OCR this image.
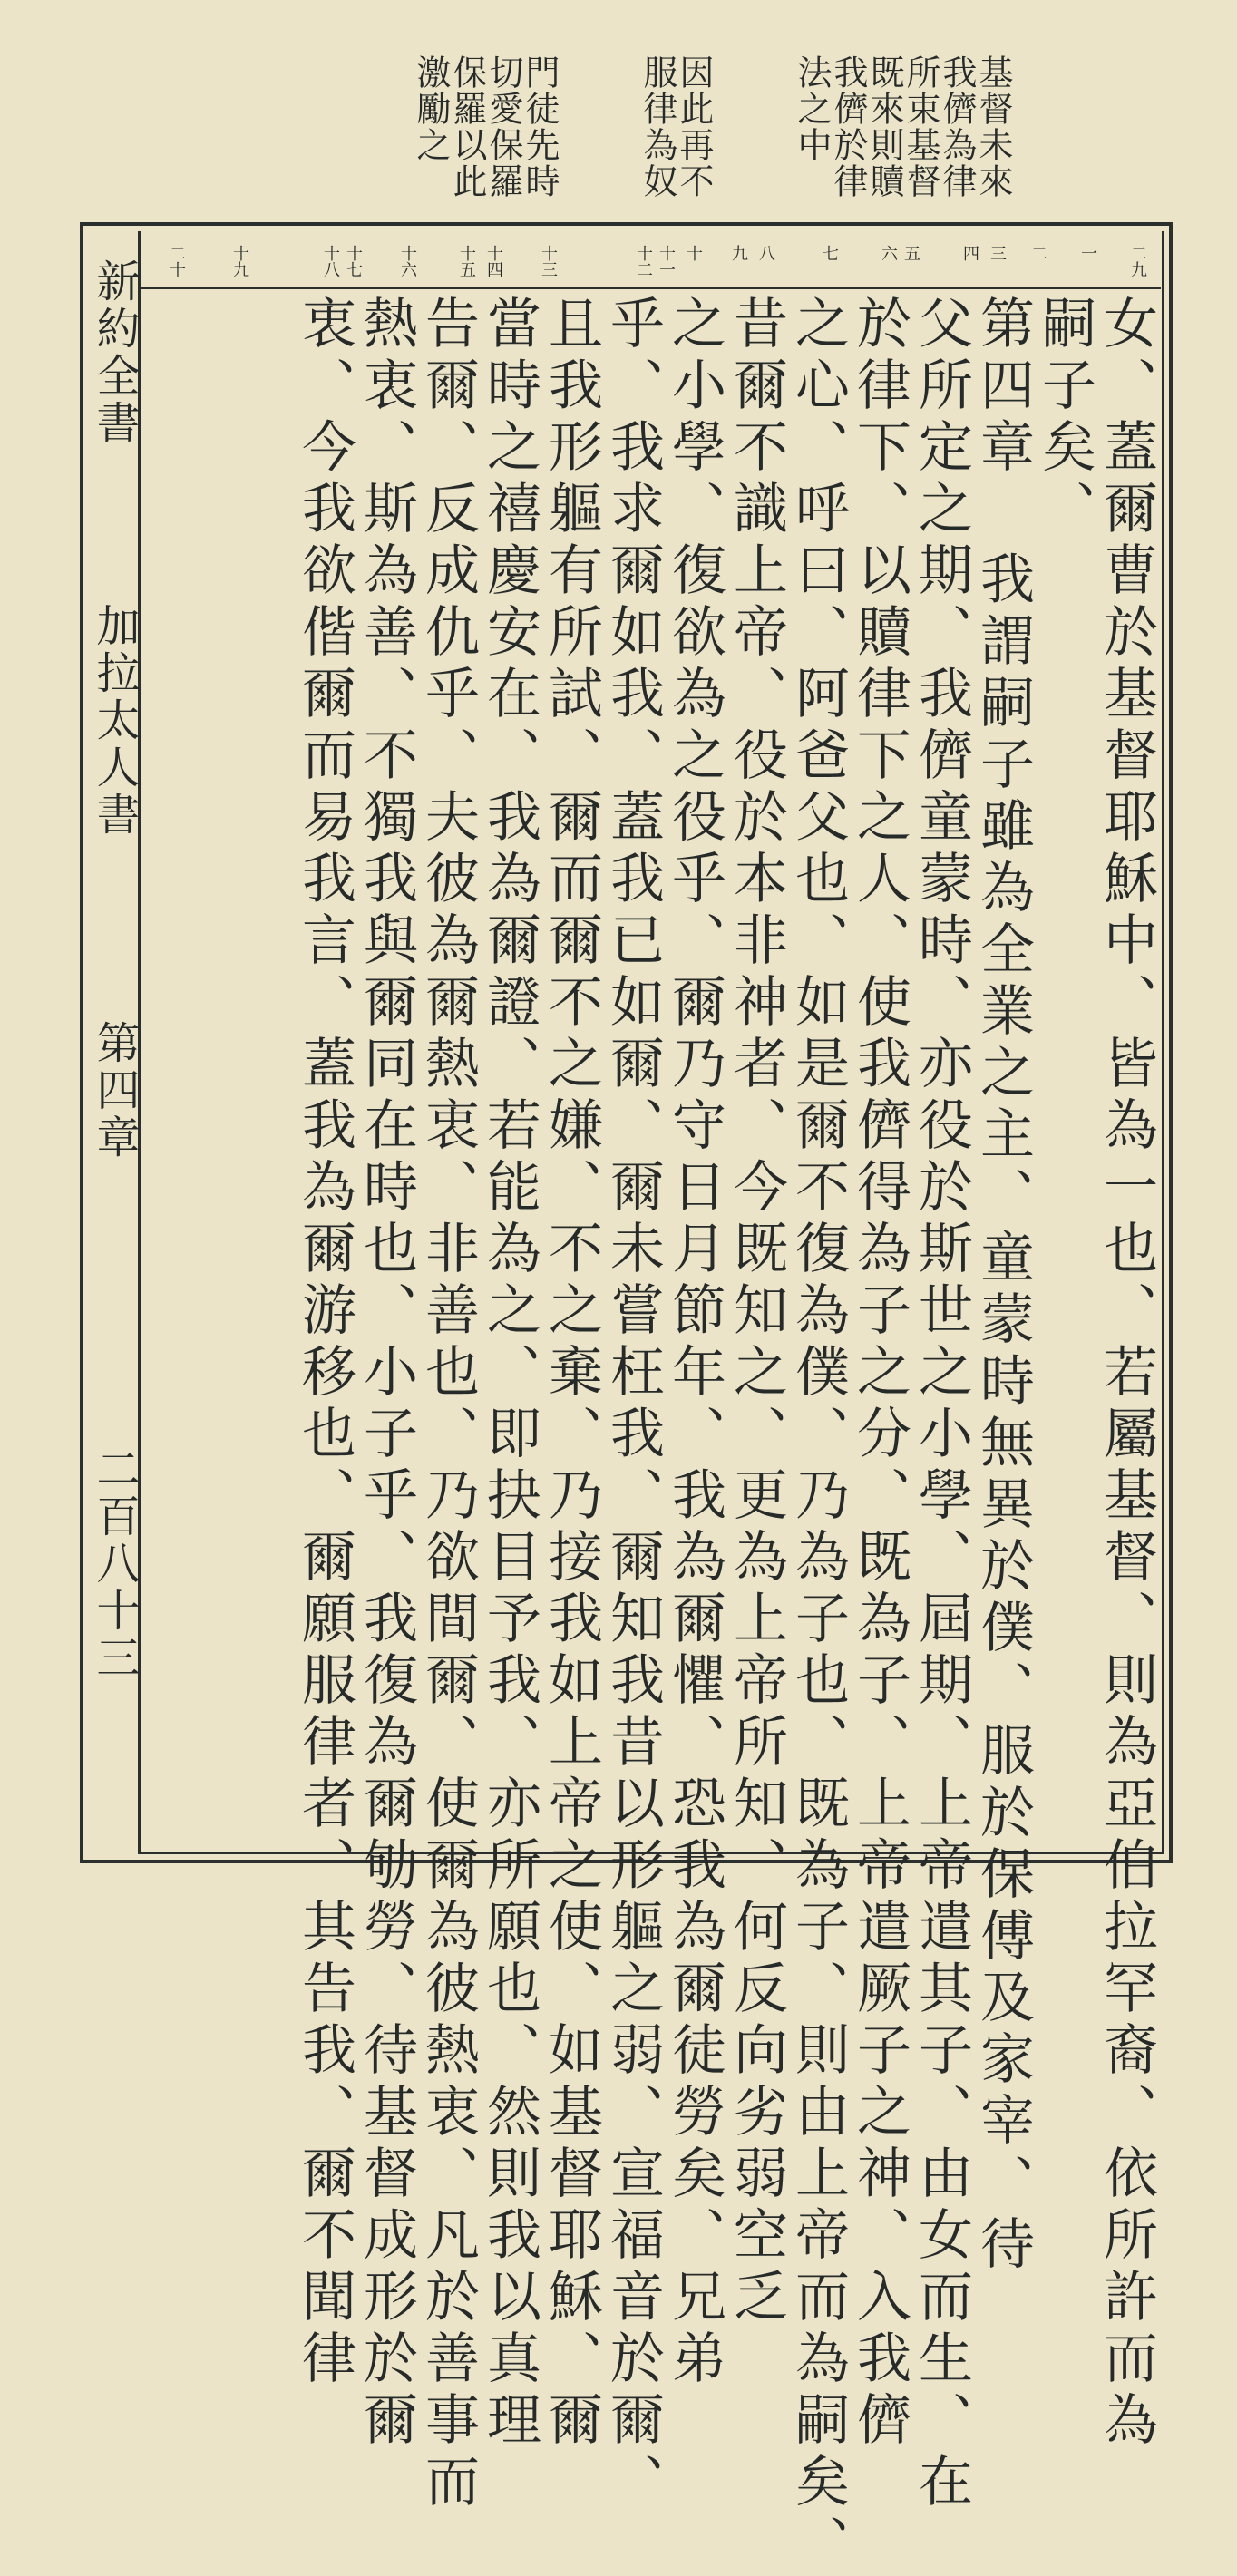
基督未來
我儕為律
所束基督
既來則贖
我儕於律
法之中
因此再不
服律為奴
門徒先時
切愛保羅
保羅以此
激勵之
二九
一
二
三
四
五
六
七
八
九
十
十一
十二
十三
十四
十五
十六
十七
十八
十九
二十
新約全書
加拉太人書
第四章
二百八十三	女、蓋爾曹於基督耶穌中、皆為一也、若屬基督、則為亞伯拉罕裔、依所許而為
嗣子矣、
第四章 我謂嗣子雖為全業之主、童蒙時無異於僕、服於保傅及家宰、待
父所定之期、我儕童蒙時、亦役於斯世之小學、屆期、上帝遣其子、由女而生、在
於律下、以贖律下之人、使我儕得為子之分、既為子、上帝遣厥子之神、入我儕
之心、呼曰、阿爸父也、如是爾不復為僕、乃為子也、既為子、則由上帝而為嗣矣、
昔爾不識上帝、役於本非神者、今既知之、更為上帝所知、何反向劣弱空乏
之小學、復欲為之役乎、爾乃守日月節年、我為爾懼、恐我為爾徒勞矣、兄弟
乎、我求爾如我、蓋我已如爾、爾未嘗枉我、爾知我昔以形軀之弱、宣福音於爾、
且我形軀有所試、爾而爾不之嫌、不之棄、乃接我如上帝之使、如基督耶穌、爾
當時之禧慶安在、我為爾證、若能為之、即抉目予我、亦所願也、然則我以真理
告爾、反成仇乎、夫彼為爾熱衷、非善也、乃欲間爾、使爾為彼熱衷、凡於善事而
熱衷、斯為善、不獨我與爾同在時也、小子乎、我復為爾劬勞、待基督成形於爾
衷、今我欲偕爾而易我言、蓋我為爾游移也、爾願服律者、其告我、爾不聞律
